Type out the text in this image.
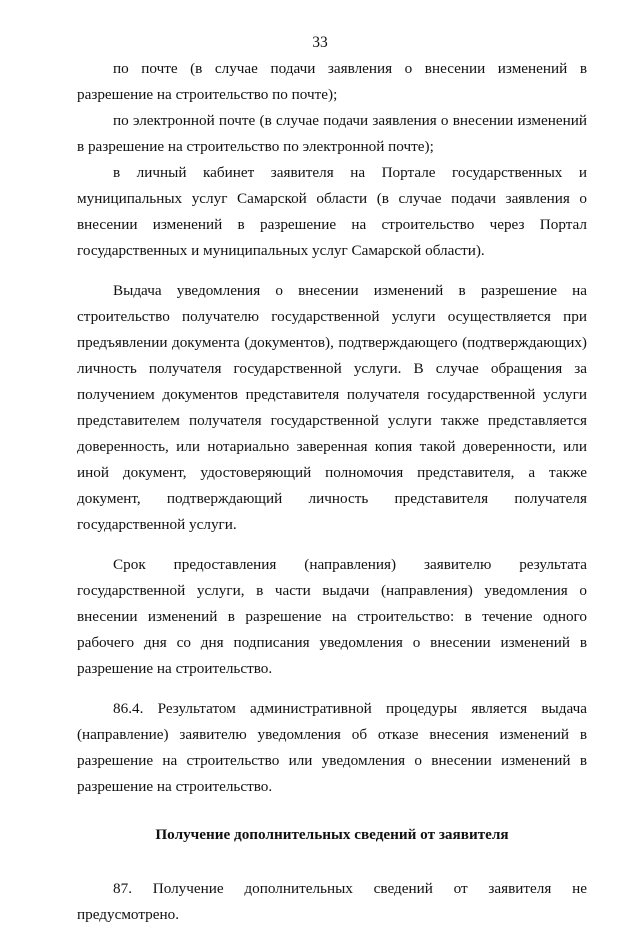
33

по почте (в случае подачи заявления о внесении изменений в разрешение на строительство по почте);

по электронной почте (в случае подачи заявления о внесении изменений в разрешение на строительство по электронной почте);

в личный кабинет заявителя на Портале государственных и муниципальных услуг Самарской области (в случае подачи заявления о внесении изменений в разрешение на строительство через Портал государственных и муниципальных услуг Самарской области).

Выдача уведомления о внесении изменений в разрешение на строительство получателю государственной услуги осуществляется при предъявлении документа (документов), подтверждающего (подтверждающих) личность получателя государственной услуги. В случае обращения за получением документов представителя получателя государственной услуги представителем получателя государственной услуги также представляется доверенность, или нотариально заверенная копия такой доверенности, или иной документ, удостоверяющий полномочия представителя, а также документ, подтверждающий личность представителя получателя государственной услуги.

Срок предоставления (направления) заявителю результата государственной услуги, в части выдачи (направления) уведомления о внесении изменений в разрешение на строительство: в течение одного рабочего дня со дня подписания уведомления о внесении изменений в разрешение на строительство.

86.4. Результатом административной процедуры является выдача (направление) заявителю уведомления об отказе внесения изменений в разрешение на строительство или уведомления о внесении изменений в разрешение на строительство.

Получение дополнительных сведений от заявителя

87. Получение дополнительных сведений от заявителя не предусмотрено.
